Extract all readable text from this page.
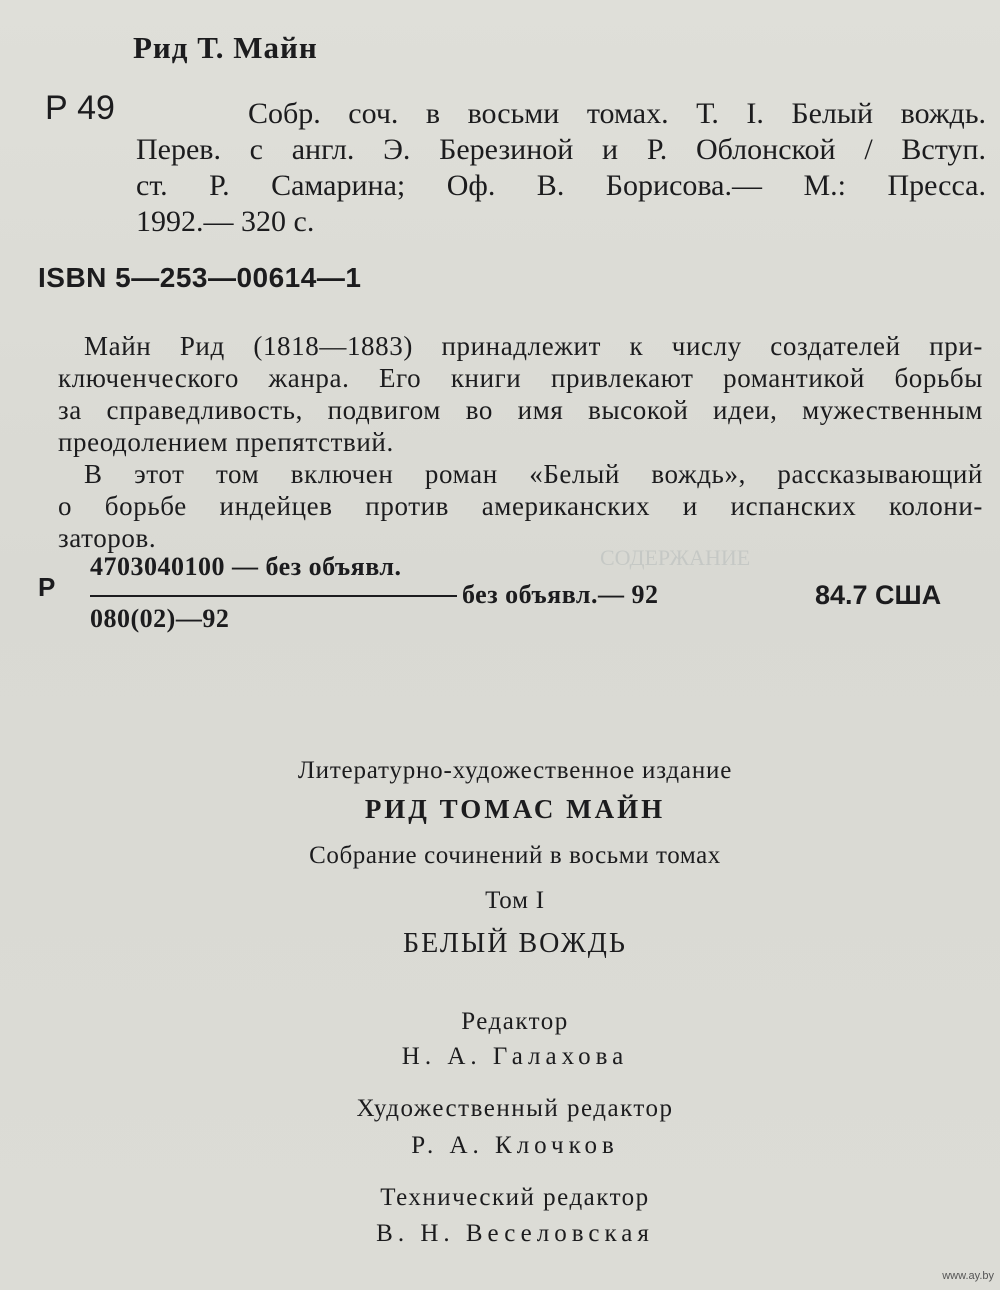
Рид Т. Майн
Р 49	Собр. соч. в восьми томах. Т. I. Белый вождь.
Перев. с англ. Э. Березиной и Р. Облонской / Вступ.
ст. Р. Самарина; Оф. В. Борисова.— М.: Пресса.
1992.— 320 с.
ISBN 5—253—00614—1
Майн Рид (1818—1883) принадлежит к числу создателей при-
ключенческого жанра. Его книги привлекают романтикой борьбы
за справедливость, подвигом во имя высокой идеи, мужественным
преодолением препятствий.
В этот том включен роман «Белый вождь», рассказывающий
о борьбе индейцев против американских и испанских колони-
заторов.
Р
4703040100 — без объявл.
080(02)—92
без объявл.— 92	84.7 США
СОДЕРЖАНИЕ
Литературно-художественное издание
РИД ТОМАС МАЙН
Собрание сочинений в восьми томах
Том I
БЕЛЫЙ ВОЖДЬ
Редактор
Н. А. Галахова
Художественный редактор
Р. А. Клочков
Технический редактор
В. Н. Веселовская
www.ay.by
